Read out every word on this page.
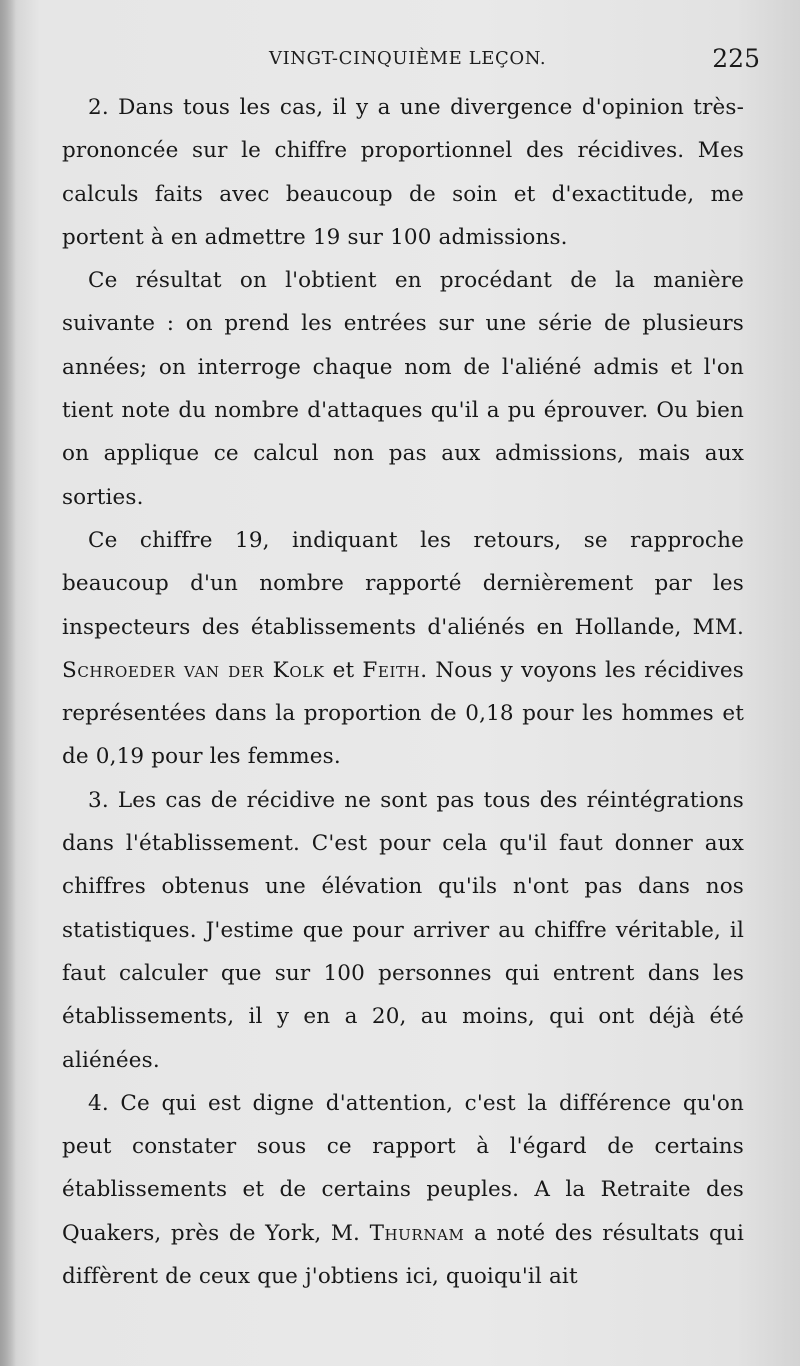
VINGT-CINQUIÈME LEÇON.	225

2. Dans tous les cas, il y a une divergence d'opinion très-prononcée sur le chiffre proportionnel des récidives. Mes calculs faits avec beaucoup de soin et d'exactitude, me portent à en admettre 19 sur 100 admissions.

Ce résultat on l'obtient en procédant de la manière suivante : on prend les entrées sur une série de plusieurs années; on interroge chaque nom de l'aliéné admis et l'on tient note du nombre d'attaques qu'il a pu éprouver. Ou bien on applique ce calcul non pas aux admissions, mais aux sorties.

Ce chiffre 19, indiquant les retours, se rapproche beaucoup d'un nombre rapporté dernièrement par les inspecteurs des établissements d'aliénés en Hollande, MM. Schroeder van der Kolk et Feith. Nous y voyons les récidives représentées dans la proportion de 0,18 pour les hommes et de 0,19 pour les femmes.

3. Les cas de récidive ne sont pas tous des réintégrations dans l'établissement. C'est pour cela qu'il faut donner aux chiffres obtenus une élévation qu'ils n'ont pas dans nos statistiques. J'estime que pour arriver au chiffre véritable, il faut calculer que sur 100 personnes qui entrent dans les établissements, il y en a 20, au moins, qui ont déjà été aliénées.

4. Ce qui est digne d'attention, c'est la différence qu'on peut constater sous ce rapport à l'égard de certains établissements et de certains peuples. A la Retraite des Quakers, près de York, M. Thurnam a noté des résultats qui diffèrent de ceux que j'obtiens ici, quoiqu'il ait
